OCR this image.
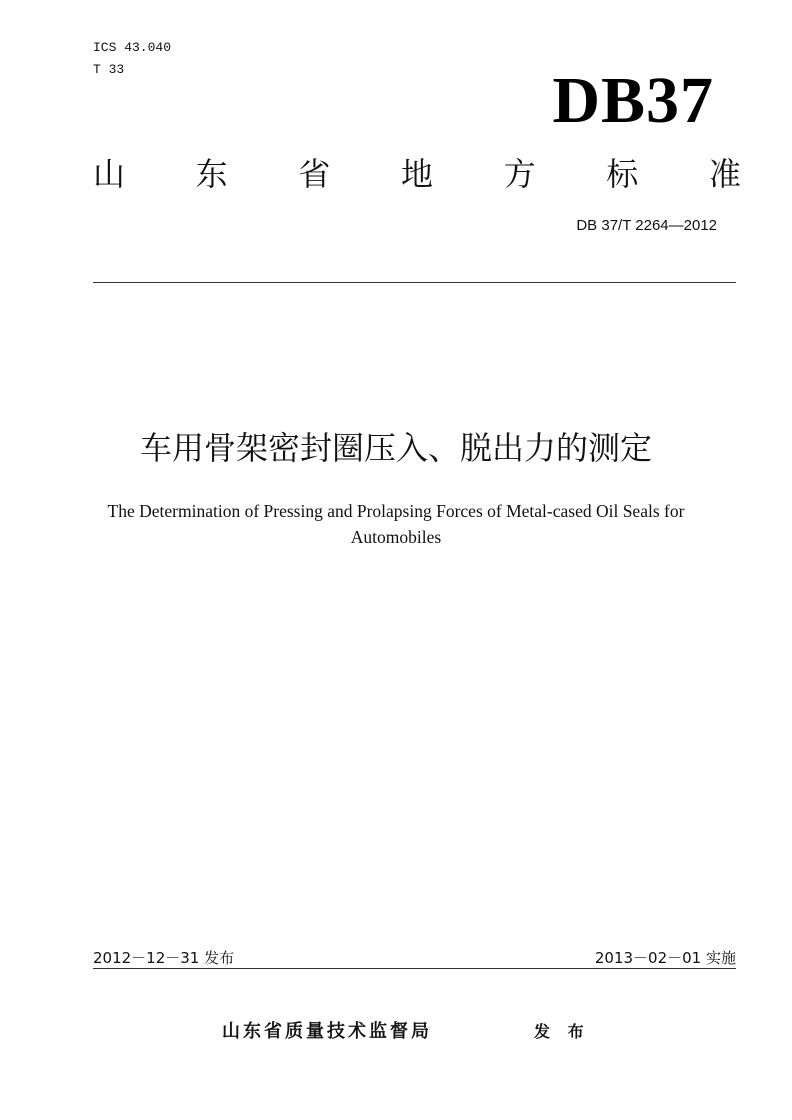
ICS 43.040
T 33	DB37
山 东 省 地 方 标 准
DB 37/T 2264—2012
车用骨架密封圈压入、脱出力的测定
The Determination of Pressing and Prolapsing Forces of Metal-cased Oil Seals for
Automobiles
2012－12－31 发布	2013－02－01 实施
山东省质量技术监督局	发 布
